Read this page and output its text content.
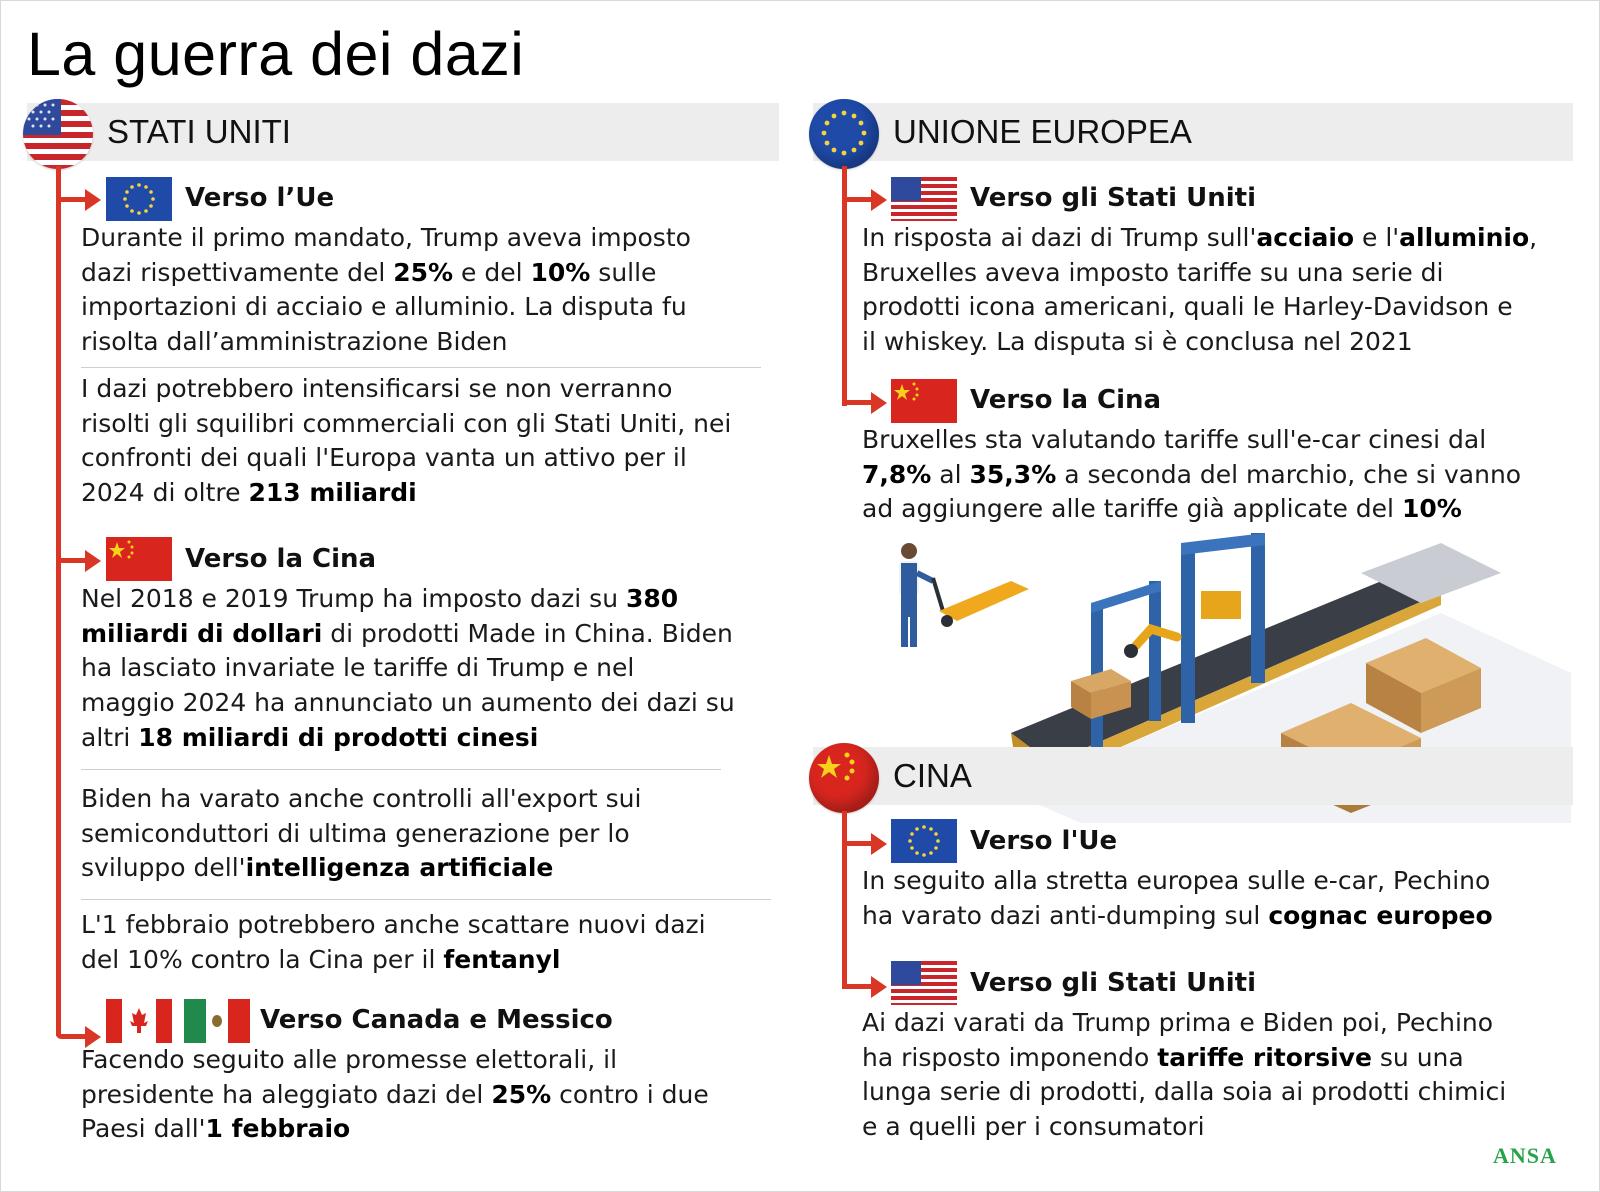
La guerra dei dazi
STATI UNITI
Verso l’Ue
Durante il primo mandato, Trump aveva imposto
dazi rispettivamente del 25% e del 10% sulle
importazioni di acciaio e alluminio. La disputa fu
risolta dall’amministrazione Biden
I dazi potrebbero intensificarsi se non verranno
risolti gli squilibri commerciali con gli Stati Uniti, nei
confronti dei quali l'Europa vanta un attivo per il
2024 di oltre 213 miliardi
Verso la Cina
Nel 2018 e 2019 Trump ha imposto dazi su 380
miliardi di dollari di prodotti Made in China. Biden
ha lasciato invariate le tariffe di Trump e nel
maggio 2024 ha annunciato un aumento dei dazi su
altri 18 miliardi di prodotti cinesi
Biden ha varato anche controlli all'export sui
semiconduttori di ultima generazione per lo
sviluppo dell'intelligenza artificiale
L'1 febbraio potrebbero anche scattare nuovi dazi
del 10% contro la Cina per il fentanyl
Verso Canada e Messico
Facendo seguito alle promesse elettorali, il
presidente ha aleggiato dazi del 25% contro i due
Paesi dall'1 febbraio
UNIONE EUROPEA
Verso gli Stati Uniti
In risposta ai dazi di Trump sull'acciaio e l'alluminio,
Bruxelles aveva imposto tariffe su una serie di
prodotti icona americani, quali le Harley-Davidson e
il whiskey. La disputa si è conclusa nel 2021
Verso la Cina
Bruxelles sta valutando tariffe sull'e-car cinesi dal
7,8% al 35,3% a seconda del marchio, che si vanno
ad aggiungere alle tariffe già applicate del 10%
CINA
Verso l'Ue
In seguito alla stretta europea sulle e-car, Pechino
ha varato dazi anti-dumping sul cognac europeo
Verso gli Stati Uniti
Ai dazi varati da Trump prima e Biden poi, Pechino
ha risposto imponendo tariffe ritorsive su una
lunga serie di prodotti, dalla soia ai prodotti chimici
e a quelli per i consumatori
ANSA
